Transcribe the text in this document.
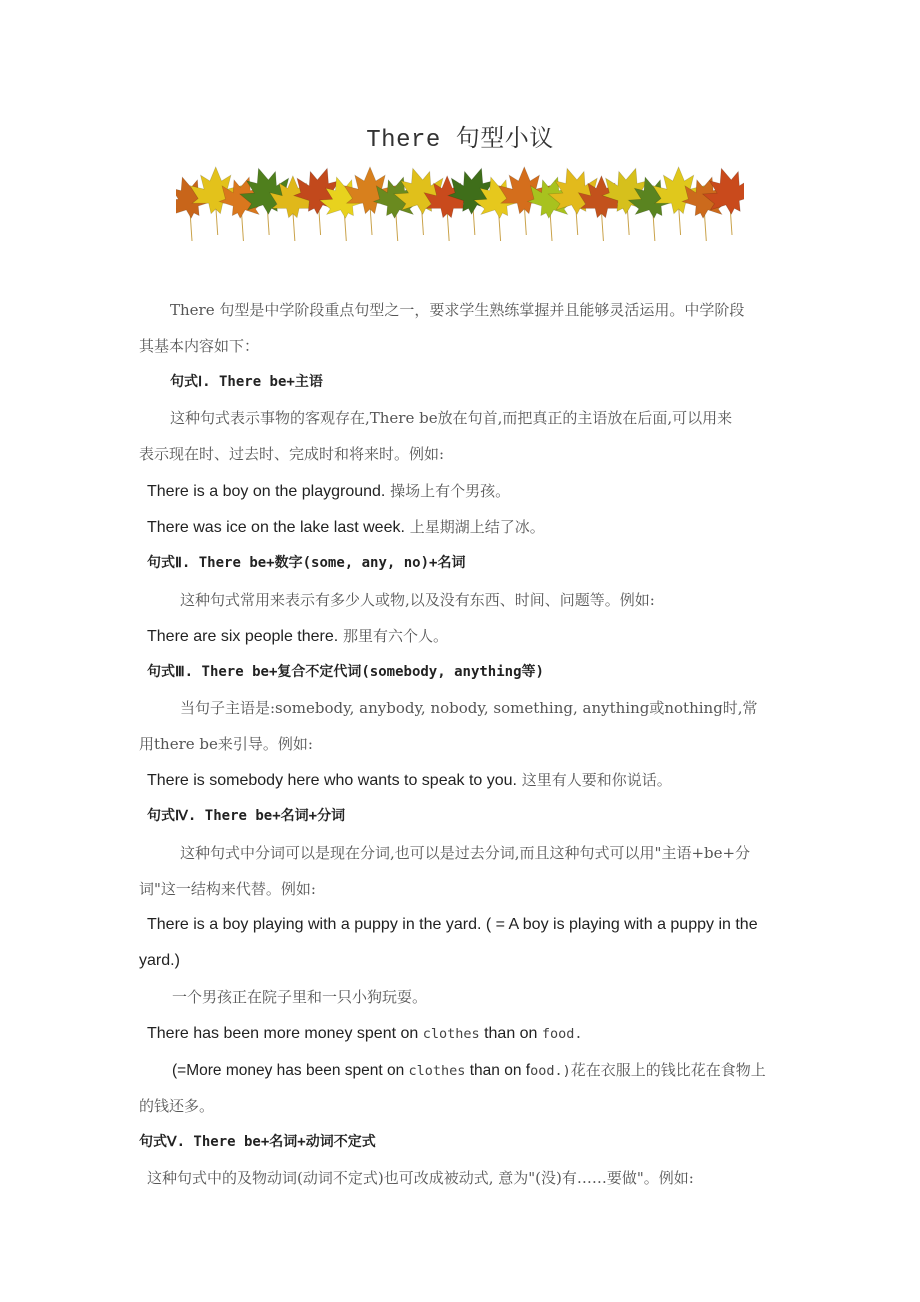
There 句型小议
There 句型是中学阶段重点句型之一，要求学生熟练掌握并且能够灵活运用。中学阶段
其基本内容如下：
句式Ⅰ. There be+主语
这种句式表示事物的客观存在,There be放在句首,而把真正的主语放在后面,可以用来
表示现在时、过去时、完成时和将来时。例如:
There is a boy on the playground. 操场上有个男孩。
There was ice on the lake last week. 上星期湖上结了冰。
句式Ⅱ. There be+数字(some, any, no)+名词
这种句式常用来表示有多少人或物,以及没有东西、时间、问题等。例如:
There are six people there. 那里有六个人。
句式Ⅲ. There be+复合不定代词(somebody, anything等)
当句子主语是:somebody, anybody, nobody, something, anything或nothing时,常
用there be来引导。例如:
There is somebody here who wants to speak to you. 这里有人要和你说话。
句式Ⅳ. There be+名词+分词
这种句式中分词可以是现在分词,也可以是过去分词,而且这种句式可以用"主语+be+分
词"这一结构来代替。例如:
There is a boy playing with a puppy in the yard. ( = A boy is playing with a puppy in the
yard.)
一个男孩正在院子里和一只小狗玩耍。
There has been more money spent on clothes than on food.
(=More money has been spent on clothes than on food.)花在衣服上的钱比花在食物上
的钱还多。
句式Ⅴ. There be+名词+动词不定式
这种句式中的及物动词(动词不定式)也可改成被动式, 意为"(没)有……要做"。例如:
